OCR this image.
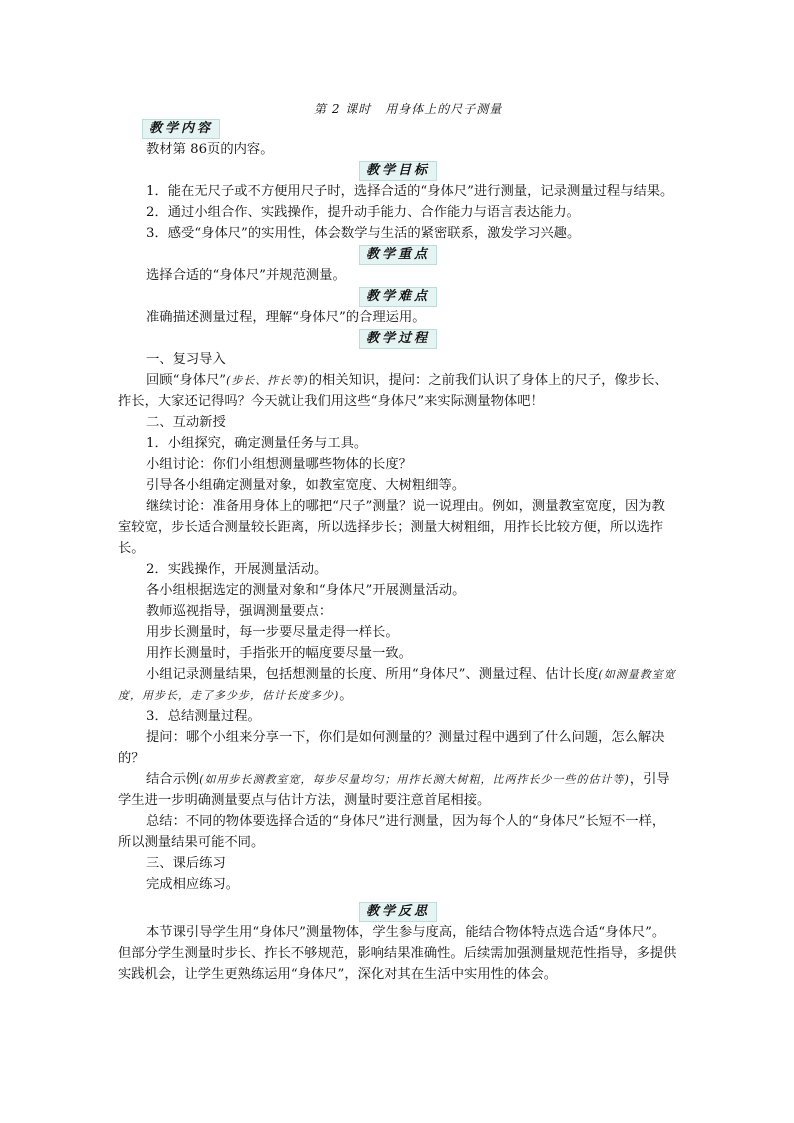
第 2 课时 用身体上的尺子测量
教学内容

教材第 86页的内容。

教学目标

1．能在无尺子或不方便用尺子时，选择合适的“身体尺”进行测量，记录测量过程与结果。

2．通过小组合作、实践操作，提升动手能力、合作能力与语言表达能力。

3．感受“身体尺”的实用性，体会数学与生活的紧密联系，激发学习兴趣。

教学重点

选择合适的“身体尺”并规范测量。

教学难点

准确描述测量过程，理解“身体尺”的合理运用。

教学过程

一、复习导入

回顾“身体尺”(步长、拃长等)的相关知识，提问：之前我们认识了身体上的尺子，像步长、拃长，大家还记得吗？今天就让我们用这些“身体尺”来实际测量物体吧！

二、互动新授

1．小组探究，确定测量任务与工具。

小组讨论：你们小组想测量哪些物体的长度？

引导各小组确定测量对象，如教室宽度、大树粗细等。

继续讨论：准备用身体上的哪把“尺子”测量？说一说理由。例如，测量教室宽度，因为教室较宽，步长适合测量较长距离，所以选择步长；测量大树粗细，用拃长比较方便，所以选拃长。

2．实践操作，开展测量活动。

各小组根据选定的测量对象和“身体尺”开展测量活动。

教师巡视指导，强调测量要点：

用步长测量时，每一步要尽量走得一样长。

用拃长测量时，手指张开的幅度要尽量一致。

小组记录测量结果，包括想测量的长度、所用“身体尺”、测量过程、估计长度(如测量教室宽度，用步长，走了多少步，估计长度多少)。

3．总结测量过程。

提问：哪个小组来分享一下，你们是如何测量的？测量过程中遇到了什么问题，怎么解决的？

结合示例(如用步长测教室宽，每步尽量均匀；用拃长测大树粗，比两拃长少一些的估计等)，引导学生进一步明确测量要点与估计方法，测量时要注意首尾相接。

总结：不同的物体要选择合适的“身体尺”进行测量，因为每个人的“身体尺”长短不一样，所以测量结果可能不同。

三、课后练习

完成相应练习。

教学反思

本节课引导学生用“身体尺”测量物体，学生参与度高，能结合物体特点选合适“身体尺”。但部分学生测量时步长、拃长不够规范，影响结果准确性。后续需加强测量规范性指导，多提供实践机会，让学生更熟练运用“身体尺”，深化对其在生活中实用性的体会。
